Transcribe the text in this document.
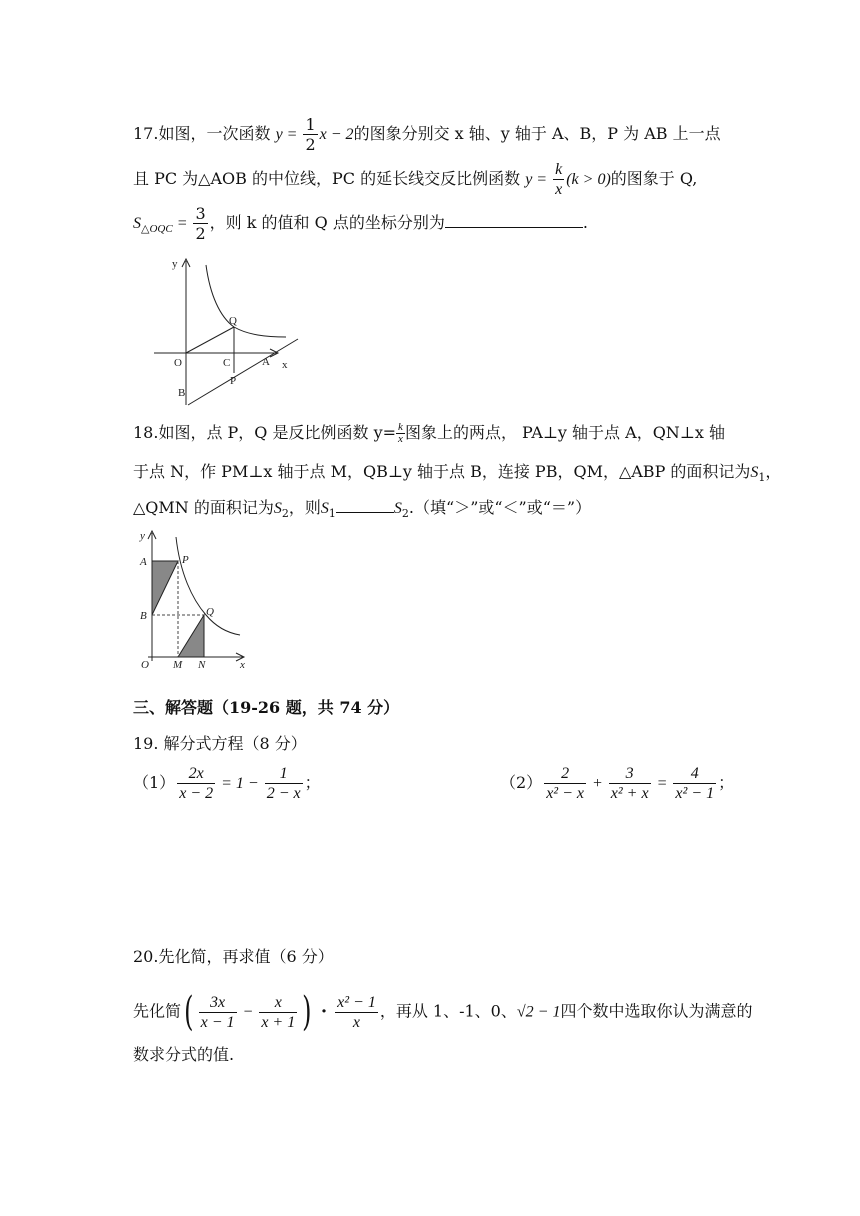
17.如图，一次函数 $y = \frac{1}{2}$ x − 2的图象分别交 x 轴、y 轴于 A、B，P 为 AB 上一点
且 PC 为△AOB 的中位线，PC 的延长线交反比例函数 $y = \frac{k}{x} (k > 0)$的图象于 Q,
$S_{\triangle OQC} = \frac{3}{2}$ ，则 k 的值和 Q 点的坐标分别为	.
y
x
O
Q
C	A
B
P
18.如图，点 P，Q 是反比例函数 $y= \frac{k}{x}$ 图象上的两点， PA⊥y 轴于点 A，QN⊥x 轴
于点 N，作 PM⊥x 轴于点 M，QB⊥y 轴于点 B，连接 PB，QM，△ABP 的面积记为$S_1$，
△QMN 的面积记为$S_2$，则$S_1$	$S_2$.（填“＞”或“＜”或“＝”）
y
A	P
B	Q
O M N	x
三、解答题（19-26 题，共 74 分）
19. 解分式方程（8 分）
$(1) \frac{2x}{x - 2} = 1 - \frac{1}{2 - x}$ ；	$(2) \frac{2}{\text{x² − x}} + \frac{3}{\text{x² + x}} = \frac{4}{\text{x² − 1}}$ ；
20.先化简，再求值（6 分）
先化简( $\frac{3x}{x - 1} - \frac{x}{x + 1}$ ) · $\frac{\text{x² − 1}}{x}$ ，再从 1、-1、0、√2 − 1四个数中选取你认为满意的
数求分式的值.
